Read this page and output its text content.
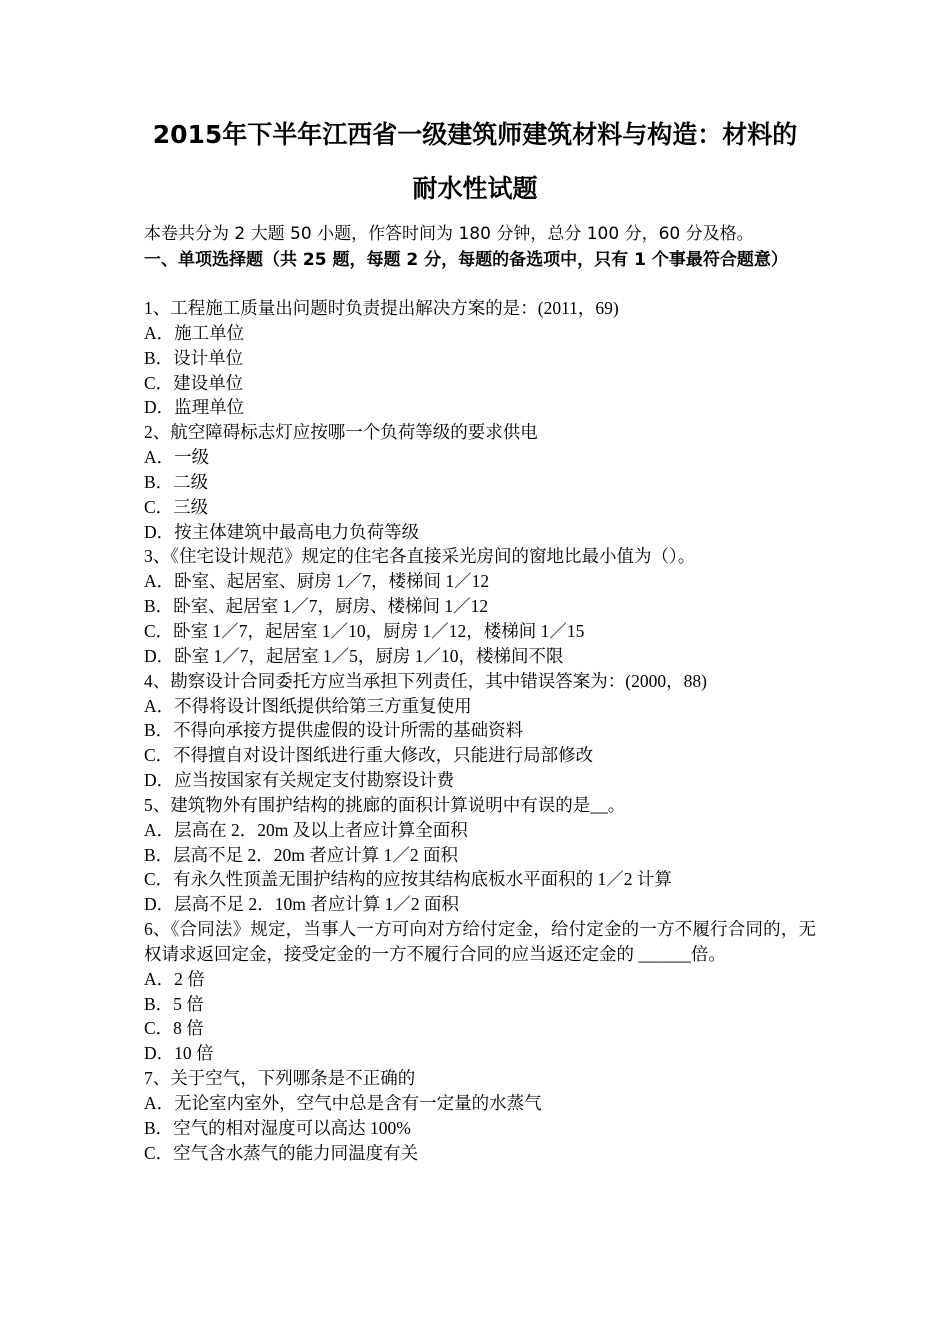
2015年下半年江西省一级建筑师建筑材料与构造：材料的
耐水性试题
本卷共分为 2 大题 50 小题，作答时间为 180 分钟，总分 100 分，60 分及格。
一、单项选择题（共 25 题，每题 2 分，每题的备选项中，只有 1 个事最符合题意）
1、工程施工质量出问题时负责提出解决方案的是：(2011，69)
A．施工单位
B．设计单位
C．建设单位
D．监理单位
2、航空障碍标志灯应按哪一个负荷等级的要求供电
A．一级
B．二级
C．三级
D．按主体建筑中最高电力负荷等级
3、《住宅设计规范》规定的住宅各直接采光房间的窗地比最小值为（）。
A．卧室、起居室、厨房 1／7，楼梯间 1／12
B．卧室、起居室 1／7，厨房、楼梯间 1／12
C．卧室 1／7，起居室 1／10，厨房 1／12，楼梯间 1／15
D．卧室 1／7，起居室 1／5，厨房 1／10，楼梯间不限
4、勘察设计合同委托方应当承担下列责任，其中错误答案为：(2000，88)
A．不得将设计图纸提供给第三方重复使用
B．不得向承接方提供虚假的设计所需的基础资料
C．不得擅自对设计图纸进行重大修改，只能进行局部修改
D．应当按国家有关规定支付勘察设计费
5、建筑物外有围护结构的挑廊的面积计算说明中有误的是__。
A．层高在 2．20m 及以上者应计算全面积
B．层高不足 2．20m 者应计算 1／2 面积
C．有永久性顶盖无围护结构的应按其结构底板水平面积的 1／2 计算
D．层高不足 2．10m 者应计算 1／2 面积
6、《合同法》规定，当事人一方可向对方给付定金，给付定金的一方不履行合同的，无权请求返回定金，接受定金的一方不履行合同的应当返还定金的 ______倍。
A．2 倍
B．5 倍
C．8 倍
D．10 倍
7、关于空气，下列哪条是不正确的
A．无论室内室外，空气中总是含有一定量的水蒸气
B．空气的相对湿度可以高达 100%
C．空气含水蒸气的能力同温度有关
